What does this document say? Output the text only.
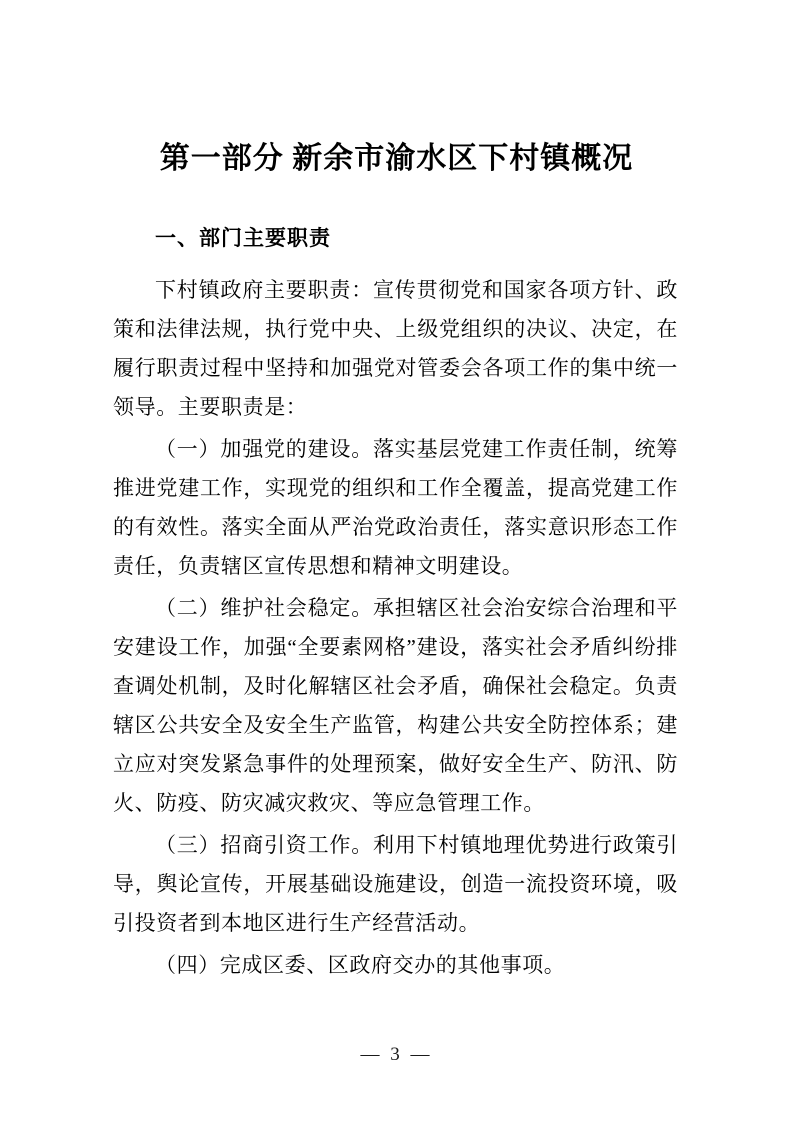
第一部分 新余市渝水区下村镇概况
一、部门主要职责

下村镇政府主要职责：宣传贯彻党和国家各项方针、政策和法律法规，执行党中央、上级党组织的决议、决定，在履行职责过程中坚持和加强党对管委会各项工作的集中统一领导。主要职责是：

（一）加强党的建设。落实基层党建工作责任制，统筹推进党建工作，实现党的组织和工作全覆盖，提高党建工作的有效性。落实全面从严治党政治责任，落实意识形态工作责任，负责辖区宣传思想和精神文明建设。

（二）维护社会稳定。承担辖区社会治安综合治理和平安建设工作，加强“全要素网格”建设，落实社会矛盾纠纷排查调处机制，及时化解辖区社会矛盾，确保社会稳定。负责辖区公共安全及安全生产监管，构建公共安全防控体系；建立应对突发紧急事件的处理预案，做好安全生产、防汛、防火、防疫、防灾减灾救灾、等应急管理工作。

（三）招商引资工作。利用下村镇地理优势进行政策引导，舆论宣传，开展基础设施建设，创造一流投资环境，吸引投资者到本地区进行生产经营活动。

（四）完成区委、区政府交办的其他事项。

— 3 —
